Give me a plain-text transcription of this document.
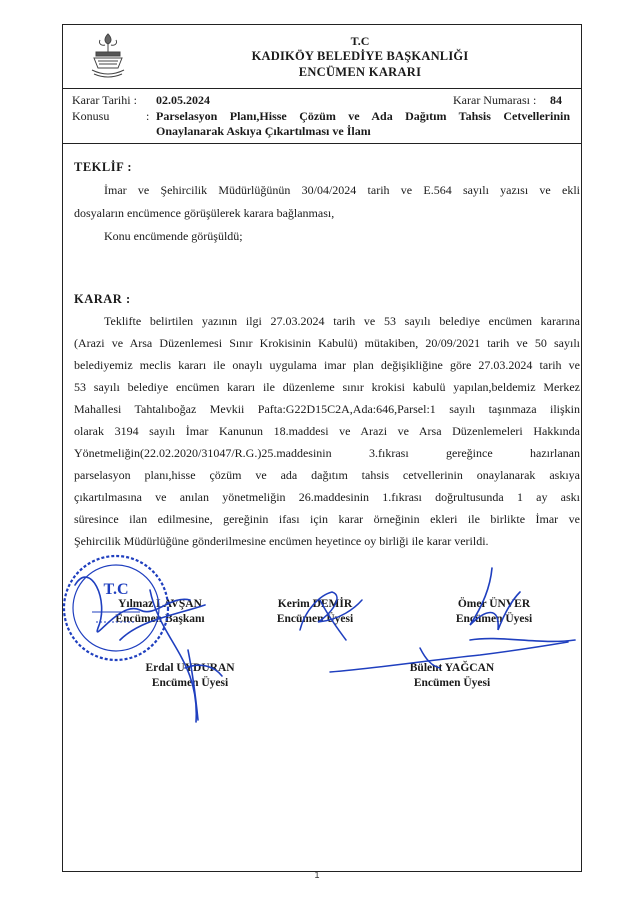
T.C
KADIKÖY BELEDİYE BAŞKANLIĞI
ENCÜMEN KARARI
Karar Tarihi : 02.05.2024	Karar Numarası : 84
Konusu	: Parselasyon Planı,Hisse Çözüm ve Ada Dağıtım Tahsis Cetvellerinin
Onaylanarak Askıya Çıkartılması ve İlanı
TEKLİF :
İmar ve Şehircilik Müdürlüğünün 30/04/2024 tarih ve E.564 sayılı yazısı ve ekli
dosyaların encümence görüşülerek karara bağlanması,
Konu encümende görüşüldü;
KARAR :
Teklifte belirtilen yazının ilgi 27.03.2024 tarih ve 53 sayılı belediye encümen kararına
(Arazi ve Arsa Düzenlemesi Sınır Krokisinin Kabulü) mütakiben, 20/09/2021 tarih ve 50 sayılı
belediyemiz meclis kararı ile onaylı uygulama imar plan değişikliğine göre 27.03.2024 tarih ve
53 sayılı belediye encümen kararı ile düzenleme sınır krokisi kabulü yapılan,beldemiz Merkez
Mahallesi Tahtalıboğaz Mevkii Pafta:G22D15C2A,Ada:646,Parsel:1 sayılı taşınmaza ilişkin
olarak 3194 sayılı İmar Kanunun 18.maddesi ve Arazi ve Arsa Düzenlemeleri Hakkında
Yönetmeliğin(22.02.2020/31047/R.G.)25.maddesinin 3.fıkrası gereğince hazırlanan
parselasyon planı,hisse çözüm ve ada dağıtım tahsis cetvellerinin onaylanarak askıya
çıkartılmasına ve anılan yönetmeliğin 26.maddesinin 1.fıkrası doğrultusunda 1 ay askı
süresince ilan edilmesine, gereğinin ifası için karar örneğinin ekleri ile birlikte İmar ve
Şehircilik Müdürlüğüne gönderilmesine encümen heyetince oy birliği ile karar verildi.
Yılmaz LAVŞAN
Encümen Başkanı
Kerim DEMİR
Encümen Üyesi
Ömer ÜNVER
Encümen Üyesi
Erdal UYDURAN
Encümen Üyesi
Bülent YAĞCAN
Encümen Üyesi
T.C
1
